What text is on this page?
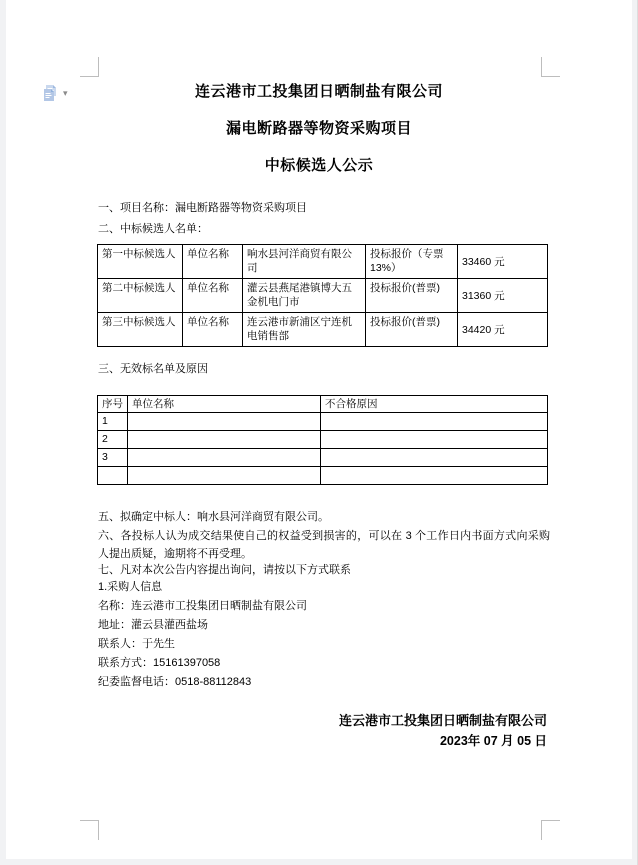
▾	连云港市工投集团日晒制盐有限公司
漏电断路器等物资采购项目
中标候选人公示
一、项目名称：漏电断路器等物资采购项目
二、中标候选人名单：
第一中标候选人	单位名称	响水县河洋商贸有限公司	投标报价（专票13%）	33460 元
第二中标候选人	单位名称	灌云县燕尾港镇博大五金机电门市	投标报价(普票)	31360 元
第三中标候选人	单位名称	连云港市新浦区宁连机电销售部	投标报价(普票)	34420 元
三、无效标名单及原因
序号	单位名称	不合格原因
1		
2		
3		

五、拟确定中标人：响水县河洋商贸有限公司。
六、各投标人认为成交结果使自己的权益受到损害的，可以在 3 个工作日内书面方式向采购人提出质疑，逾期将不再受理。
七、凡对本次公告内容提出询问，请按以下方式联系
1.采购人信息
名称：连云港市工投集团日晒制盐有限公司
地址：灌云县灌西盐场
联系人：于先生
联系方式：15161397058
纪委监督电话：0518-88112843
连云港市工投集团日晒制盐有限公司
2023年 07 月 05 日
